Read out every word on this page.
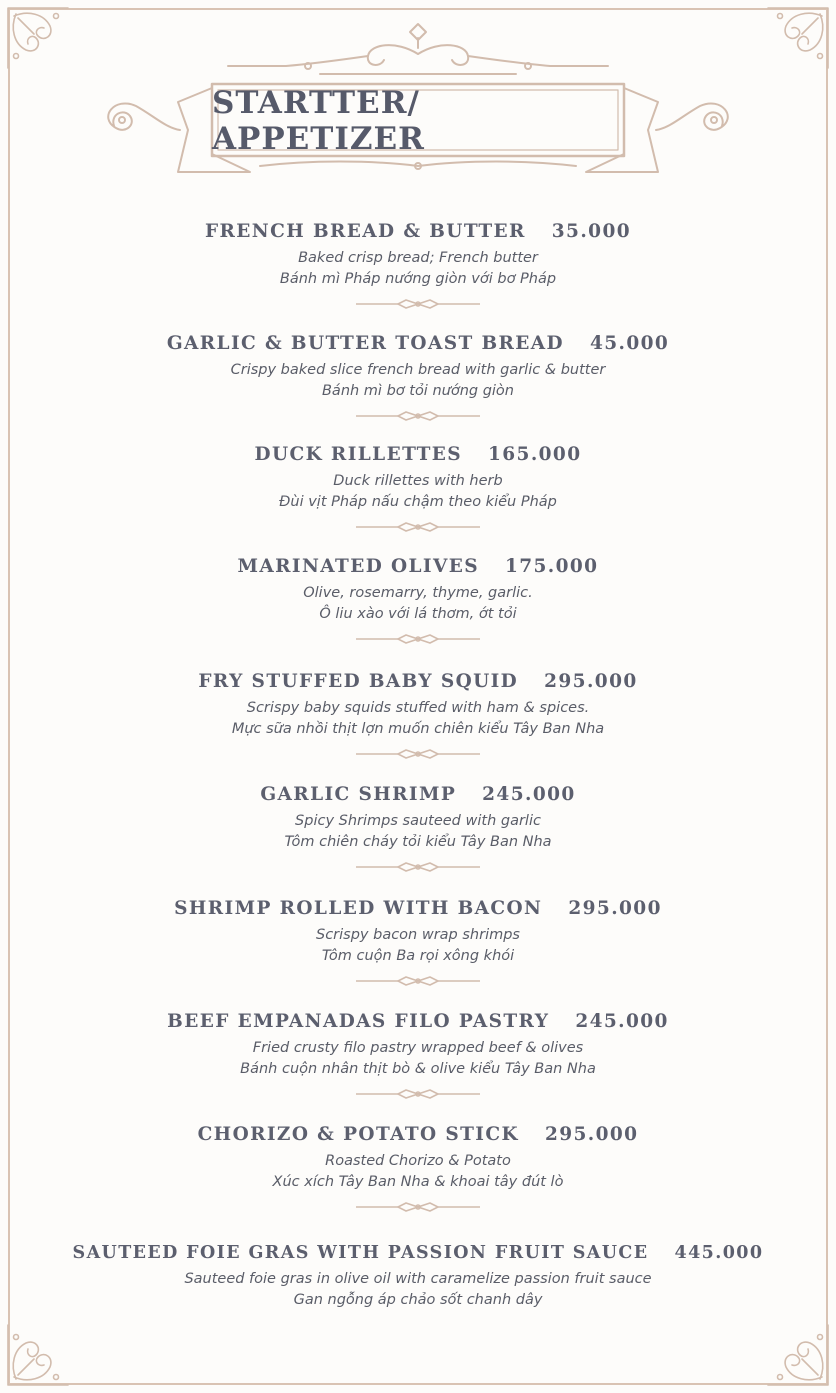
STARTTER/ APPETIZER
FRENCH BREAD & BUTTER 35.000
Baked crisp bread; French butter
Bánh mì Pháp nướng giòn với bơ Pháp
GARLIC & BUTTER TOAST BREAD 45.000
Crispy baked slice french bread with garlic & butter
Bánh mì bơ tỏi nướng giòn
DUCK RILLETTES 165.000
Duck rillettes with herb
Đùi vịt Pháp nấu chậm theo kiểu Pháp
MARINATED OLIVES 175.000
Olive, rosemarry, thyme, garlic.
Ô liu xào với lá thơm, ớt tỏi
FRY STUFFED BABY SQUID 295.000
Scrispy baby squids stuffed with ham & spices.
Mực sữa nhồi thịt lợn muốn chiên kiểu Tây Ban Nha
GARLIC SHRIMP 245.000
Spicy Shrimps sauteed with garlic
Tôm chiên cháy tỏi kiểu Tây Ban Nha
SHRIMP ROLLED WITH BACON 295.000
Scrispy bacon wrap shrimps
Tôm cuộn Ba rọi xông khói
BEEF EMPANADAS FILO PASTRY 245.000
Fried crusty filo pastry wrapped beef & olives
Bánh cuộn nhân thịt bò & olive kiểu Tây Ban Nha
CHORIZO & POTATO STICK 295.000
Roasted Chorizo & Potato
Xúc xích Tây Ban Nha & khoai tây đút lò
SAUTEED FOIE GRAS WITH PASSION FRUIT SAUCE 445.000
Sauteed foie gras in olive oil with caramelize passion fruit sauce
Gan ngỗng áp chảo sốt chanh dây
